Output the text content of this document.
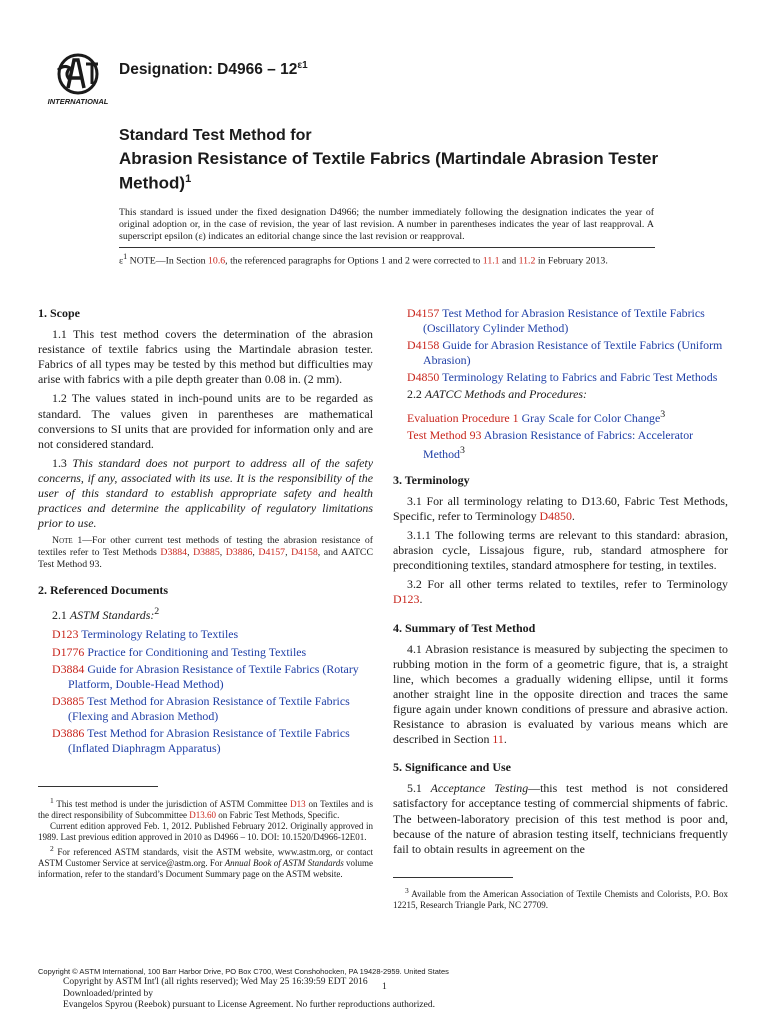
INTERNATIONAL
Designation: $D4966 - 12^{\varepsilon 1}$
Standard Test Method for
Abrasion Resistance of Textile Fabrics (Martindale Abrasion Tester Method)$^1$
This standard is issued under the fixed designation D4966; the number immediately following the designation indicates the year of original adoption or, in the case of revision, the year of last revision. A number in parentheses indicates the year of last reapproval. A superscript epsilon (ε) indicates an editorial change since the last revision or reapproval.
$\varepsilon^1$ NOTE—In Section 10.6, the referenced paragraphs for Options 1 and 2 were corrected to 11.1 and 11.2 in February 2013.
1. Scope
1.1 This test method covers the determination of the abrasion resistance of textile fabrics using the Martindale abrasion tester. Fabrics of all types may be tested by this method but difficulties may arise with fabrics with a pile depth greater than 0.08 in. (2 mm).
1.2 The values stated in inch-pound units are to be regarded as standard. The values given in parentheses are mathematical conversions to SI units that are provided for information only and are not considered standard.
1.3 This standard does not purport to address all of the safety concerns, if any, associated with its use. It is the responsibility of the user of this standard to establish appropriate safety and health practices and determine the applicability of regulatory limitations prior to use.
Note 1—For other current test methods of testing the abrasion resistance of textiles refer to Test Methods D3884, D3885, D3886, D4157, D4158, and AATCC Test Method 93.
2. Referenced Documents
2.1 ASTM Standards:$^2$
D123 Terminology Relating to Textiles
D1776 Practice for Conditioning and Testing Textiles
D3884 Guide for Abrasion Resistance of Textile Fabrics (Rotary Platform, Double-Head Method)
D3885 Test Method for Abrasion Resistance of Textile Fabrics (Flexing and Abrasion Method)
D3886 Test Method for Abrasion Resistance of Textile Fabrics (Inflated Diaphragm Apparatus)
D4157 Test Method for Abrasion Resistance of Textile Fabrics (Oscillatory Cylinder Method)
D4158 Guide for Abrasion Resistance of Textile Fabrics (Uniform Abrasion)
D4850 Terminology Relating to Fabrics and Fabric Test Methods
2.2 AATCC Methods and Procedures:
Evaluation Procedure 1 Gray Scale for Color Change$^3$
Test Method 93 Abrasion Resistance of Fabrics: Accelerator Method$^3$
3. Terminology
3.1 For all terminology relating to D13.60, Fabric Test Methods, Specific, refer to Terminology D4850.
3.1.1 The following terms are relevant to this standard: abrasion, abrasion cycle, Lissajous figure, rub, standard atmosphere for preconditioning textiles, standard atmosphere for testing, in textiles.
3.2 For all other terms related to textiles, refer to Terminology D123.
4. Summary of Test Method
4.1 Abrasion resistance is measured by subjecting the specimen to rubbing motion in the form of a geometric figure, that is, a straight line, which becomes a gradually widening ellipse, until it forms another straight line in the opposite direction and traces the same figure again under known conditions of pressure and abrasive action. Resistance to abrasion is evaluated by various means which are described in Section 11.
5. Significance and Use
5.1 Acceptance Testing—this test method is not considered satisfactory for acceptance testing of commercial shipments of fabric. The between-laboratory precision of this test method is poor and, because of the nature of abrasion testing itself, technicians frequently fail to obtain results in agreement on the
$^1$ This test method is under the jurisdiction of ASTM Committee D13 on Textiles and is the direct responsibility of Subcommittee D13.60 on Fabric Test Methods, Specific.
Current edition approved Feb. 1, 2012. Published February 2012. Originally approved in 1989. Last previous edition approved in 2010 as D4966 – 10. DOI: 10.1520/D4966-12E01.
$^2$ For referenced ASTM standards, visit the ASTM website, www.astm.org, or contact ASTM Customer Service at service@astm.org. For Annual Book of ASTM Standards volume information, refer to the standard’s Document Summary page on the ASTM website.
$^3$ Available from the American Association of Textile Chemists and Colorists, P.O. Box 12215, Research Triangle Park, NC 27709.
Copyright © ASTM International, 100 Barr Harbor Drive, PO Box C700, West Conshohocken, PA 19428-2959. United States
Copyright by ASTM Int'l (all rights reserved); Wed May 25 16:39:59 EDT 2016
Downloaded/printed by
Evangelos Spyrou (Reebok) pursuant to License Agreement. No further reproductions authorized.
1
